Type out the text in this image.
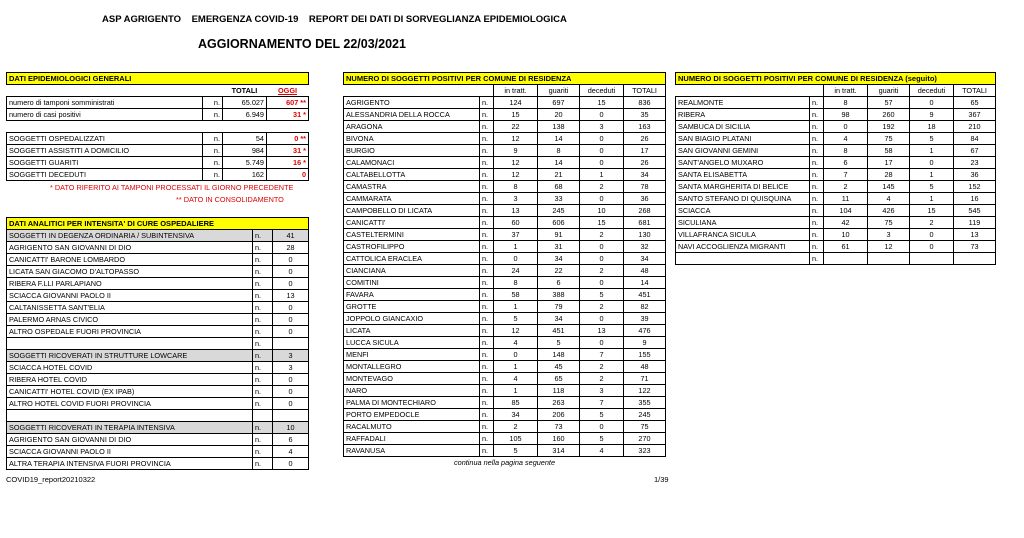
ASP AGRIGENTO    EMERGENZA COVID-19    REPORT DEI DATI DI SORVEGLIANZA EPIDEMIOLOGICA
AGGIORNAMENTO DEL 22/03/2021
DATI EPIDEMIOLOGICI GENERALI			
		TOTALI	OGGI
numero di tamponi somministrati	n.	65.027	607 **
numero di casi positivi	n.	6.949	31 *

SOGGETTI OSPEDALIZZATI	n.	54	0 **
SOGGETTI ASSISTITI A DOMICILIO	n.	984	31 *
SOGGETTI GUARITI	n.	5.749	16 *
SOGGETTI DECEDUTI	n.	162	0
* DATO RIFERITO AI TAMPONI PROCESSATI IL GIORNO PRECEDENTE
** DATO IN CONSOLIDAMENTO
DATI ANALITICI PER INTENSITA' DI CURE OSPEDALIERE		
SOGGETTI IN DEGENZA ORDINARIA / SUBINTENSIVA	n.	41
AGRIGENTO SAN GIOVANNI DI DIO	n.	28
CANICATTI' BARONE LOMBARDO	n.	0
LICATA SAN GIACOMO D'ALTOPASSO	n.	0
RIBERA F.LLI PARLAPIANO	n.	0
SCIACCA GIOVANNI PAOLO II	n.	13
CALTANISSETTA SANT'ELIA	n.	0
PALERMO ARNAS CIVICO	n.	0
ALTRO OSPEDALE FUORI PROVINCIA	n.	0
	n.	
SOGGETTI RICOVERATI IN STRUTTURE LOWCARE	n.	3
SCIACCA HOTEL COVID	n.	3
RIBERA HOTEL COVID	n.	0
CANICATTI' HOTEL COVID (EX IPAB)	n.	0
ALTRO HOTEL COVID FUORI PROVINCIA	n.	0

SOGGETTI RICOVERATI IN TERAPIA INTENSIVA	n.	10
AGRIGENTO SAN GIOVANNI DI DIO	n.	6
SCIACCA GIOVANNI PAOLO II	n.	4
ALTRA TERAPIA INTENSIVA FUORI PROVINCIA	n.	0
NUMERO DI SOGGETTI POSITIVI PER COMUNE DI RESIDENZA					
		in tratt.	guariti	deceduti	TOTALI
AGRIGENTO	n.	124	697	15	836
ALESSANDRIA DELLA ROCCA	n.	15	20	0	35
ARAGONA	n.	22	138	3	163
BIVONA	n.	12	14	0	26
BURGIO	n.	9	8	0	17
CALAMONACI	n.	12	14	0	26
CALTABELLOTTA	n.	12	21	1	34
CAMASTRA	n.	8	68	2	78
CAMMARATA	n.	3	33	0	36
CAMPOBELLO DI LICATA	n.	13	245	10	268
CANICATTI'	n.	60	606	15	681
CASTELTERMINI	n.	37	91	2	130
CASTROFILIPPO	n.	1	31	0	32
CATTOLICA ERACLEA	n.	0	34	0	34
CIANCIANA	n.	24	22	2	48
COMITINI	n.	8	6	0	14
FAVARA	n.	58	388	5	451
GROTTE	n.	1	79	2	82
JOPPOLO GIANCAXIO	n.	5	34	0	39
LICATA	n.	12	451	13	476
LUCCA SICULA	n.	4	5	0	9
MENFI	n.	0	148	7	155
MONTALLEGRO	n.	1	45	2	48
MONTEVAGO	n.	4	65	2	71
NARO	n.	1	118	3	122
PALMA DI MONTECHIARO	n.	85	263	7	355
PORTO EMPEDOCLE	n.	34	206	5	245
RACALMUTO	n.	2	73	0	75
RAFFADALI	n.	105	160	5	270
RAVANUSA	n.	5	314	4	323
continua nella pagina seguente					
NUMERO DI SOGGETTI POSITIVI PER COMUNE DI RESIDENZA (seguito)					
		in tratt.	guariti	deceduti	TOTALI
REALMONTE	n.	8	57	0	65
RIBERA	n.	98	260	9	367
SAMBUCA DI SICILIA	n.	0	192	18	210
SAN BIAGIO PLATANI	n.	4	75	5	84
SAN GIOVANNI GEMINI	n.	8	58	1	67
SANT'ANGELO MUXARO	n.	6	17	0	23
SANTA ELISABETTA	n.	7	28	1	36
SANTA MARGHERITA DI BELICE	n.	2	145	5	152
SANTO STEFANO DI QUISQUINA	n.	11	4	1	16
SCIACCA	n.	104	426	15	545
SICULIANA	n.	42	75	2	119
VILLAFRANCA SICULA	n.	10	3	0	13
NAVI ACCOGLIENZA MIGRANTI	n.	61	12	0	73
	n.				
COVID19_report20210322	1/39
